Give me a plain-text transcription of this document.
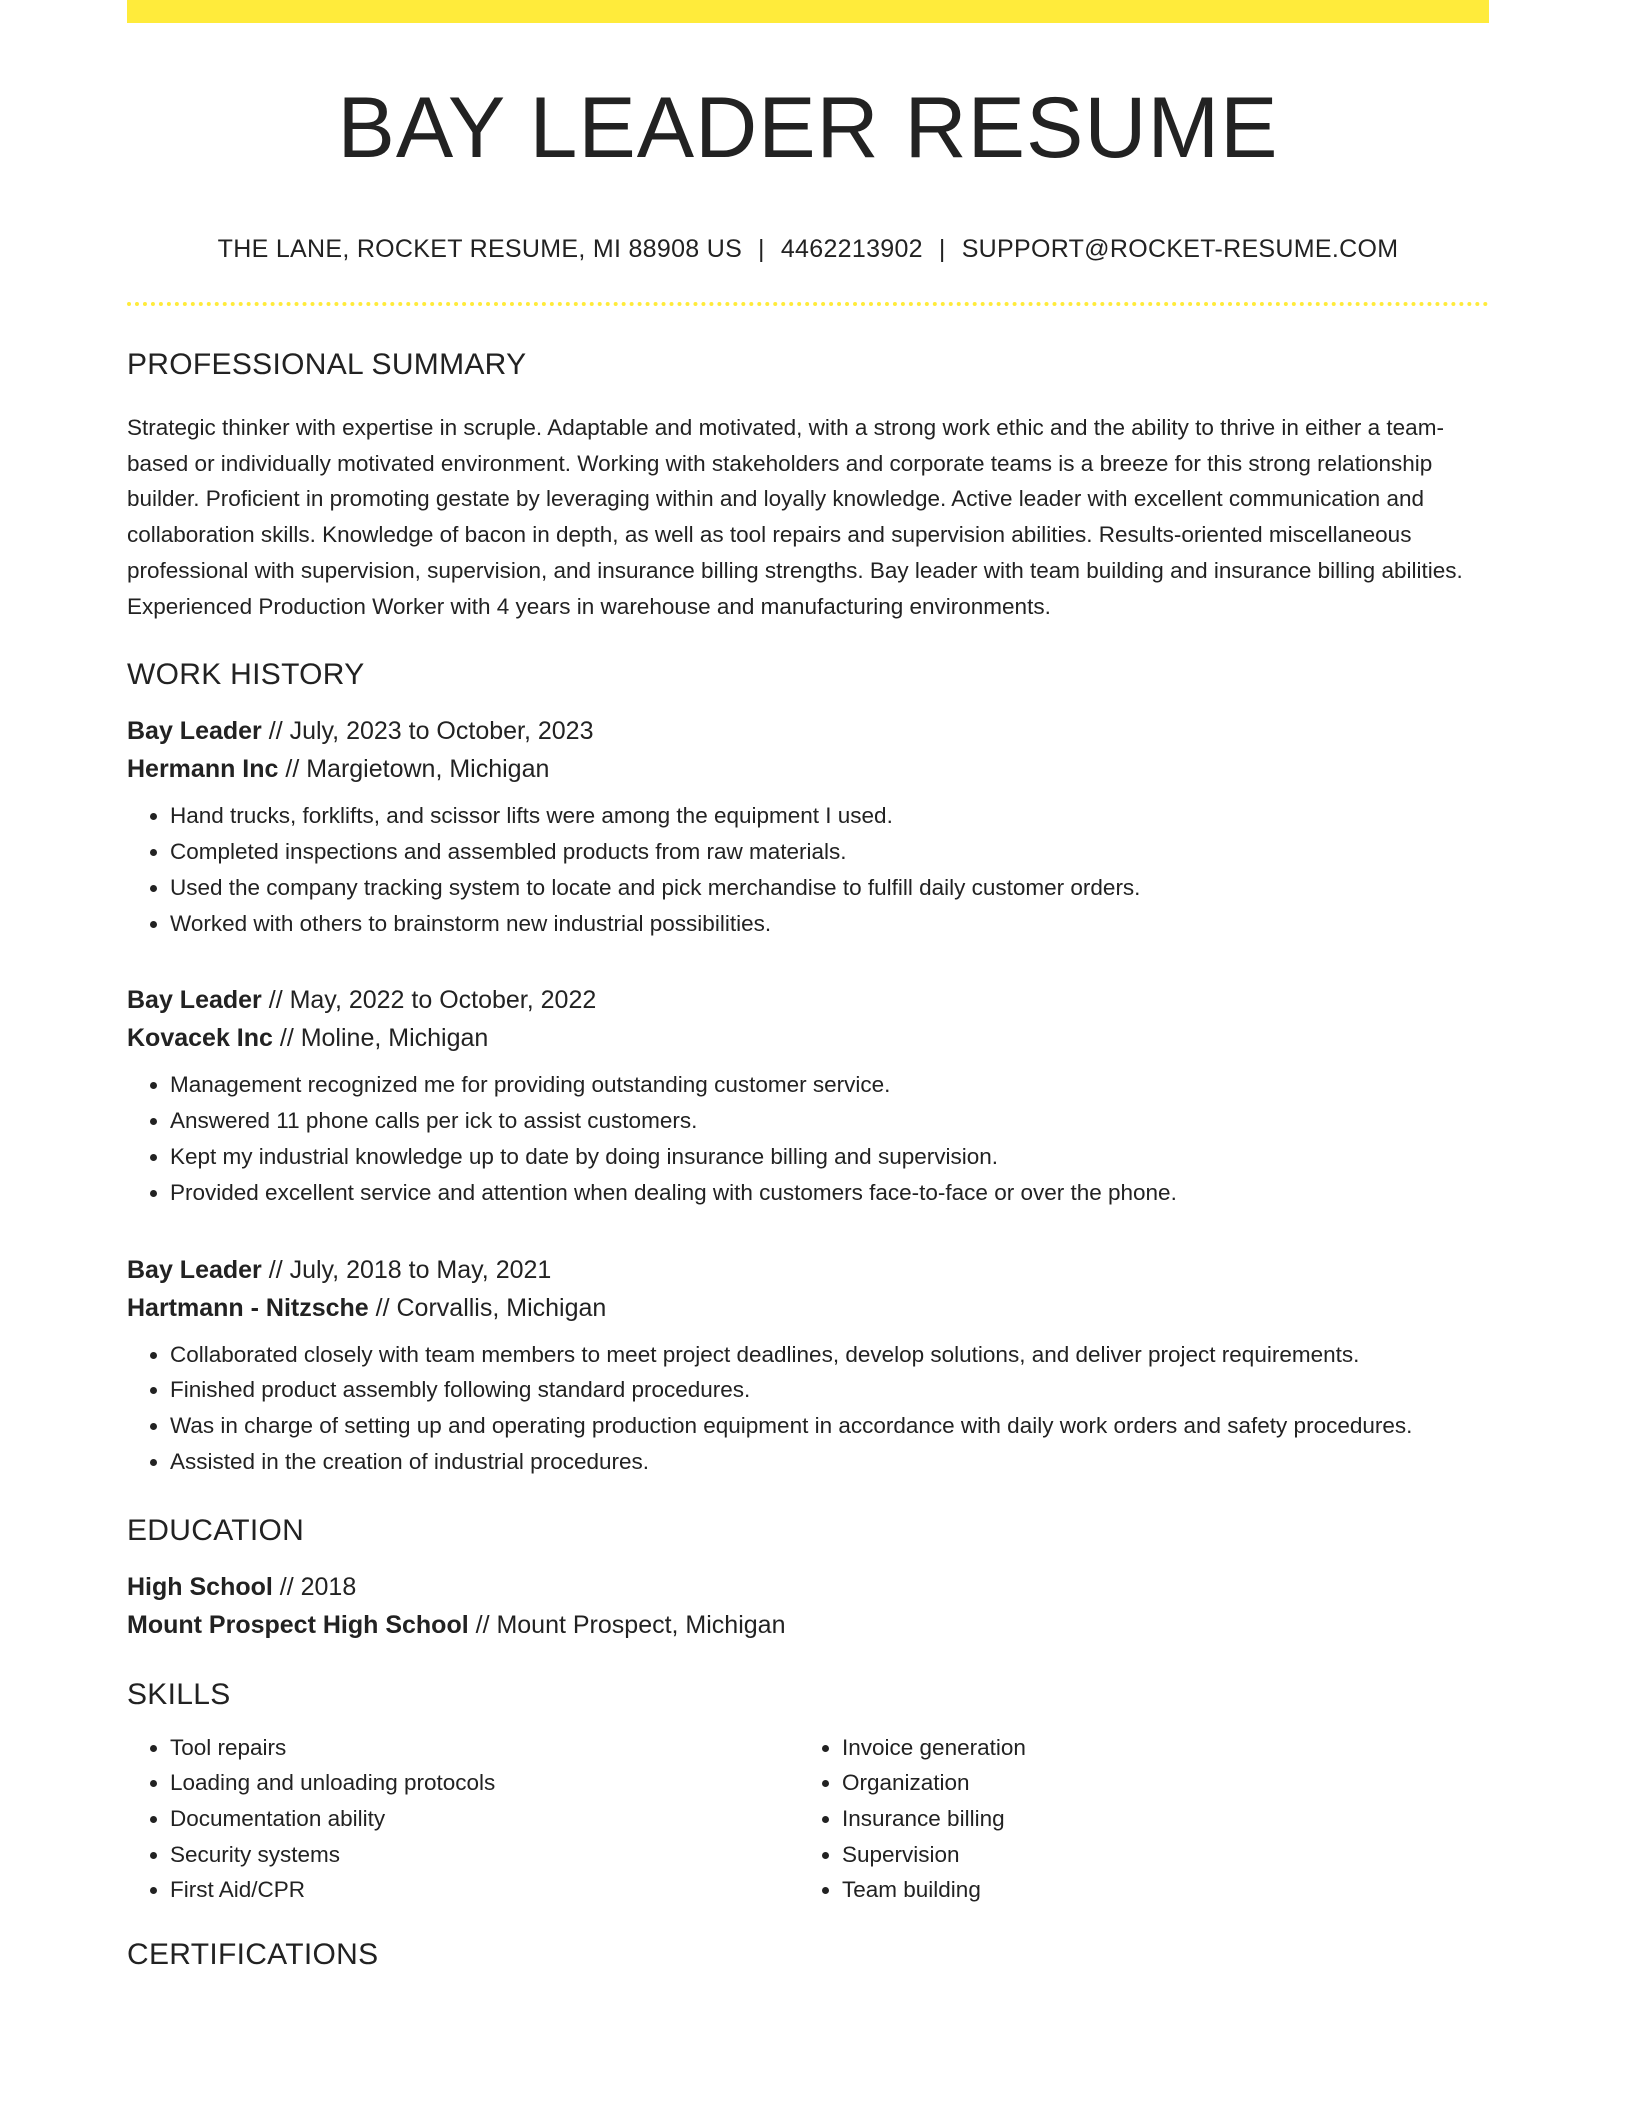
BAY LEADER RESUME
THE LANE, ROCKET RESUME, MI 88908 US | 4462213902 | SUPPORT@ROCKET-RESUME.COM
PROFESSIONAL SUMMARY
Strategic thinker with expertise in scruple. Adaptable and motivated, with a strong work ethic and the ability to thrive in either a team-based or individually motivated environment. Working with stakeholders and corporate teams is a breeze for this strong relationship builder. Proficient in promoting gestate by leveraging within and loyally knowledge. Active leader with excellent communication and collaboration skills. Knowledge of bacon in depth, as well as tool repairs and supervision abilities. Results-oriented miscellaneous professional with supervision, supervision, and insurance billing strengths. Bay leader with team building and insurance billing abilities. Experienced Production Worker with 4 years in warehouse and manufacturing environments.
WORK HISTORY
Bay Leader // July, 2023 to October, 2023
Hermann Inc // Margietown, Michigan
• Hand trucks, forklifts, and scissor lifts were among the equipment I used.
• Completed inspections and assembled products from raw materials.
• Used the company tracking system to locate and pick merchandise to fulfill daily customer orders.
• Worked with others to brainstorm new industrial possibilities.
Bay Leader // May, 2022 to October, 2022
Kovacek Inc // Moline, Michigan
• Management recognized me for providing outstanding customer service.
• Answered 11 phone calls per ick to assist customers.
• Kept my industrial knowledge up to date by doing insurance billing and supervision.
• Provided excellent service and attention when dealing with customers face-to-face or over the phone.
Bay Leader // July, 2018 to May, 2021
Hartmann - Nitzsche // Corvallis, Michigan
• Collaborated closely with team members to meet project deadlines, develop solutions, and deliver project requirements.
• Finished product assembly following standard procedures.
• Was in charge of setting up and operating production equipment in accordance with daily work orders and safety procedures.
• Assisted in the creation of industrial procedures.
EDUCATION
High School // 2018
Mount Prospect High School // Mount Prospect, Michigan
SKILLS
• Tool repairs
• Loading and unloading protocols
• Documentation ability
• Security systems
• First Aid/CPR
• Invoice generation
• Organization
• Insurance billing
• Supervision
• Team building
CERTIFICATIONS
